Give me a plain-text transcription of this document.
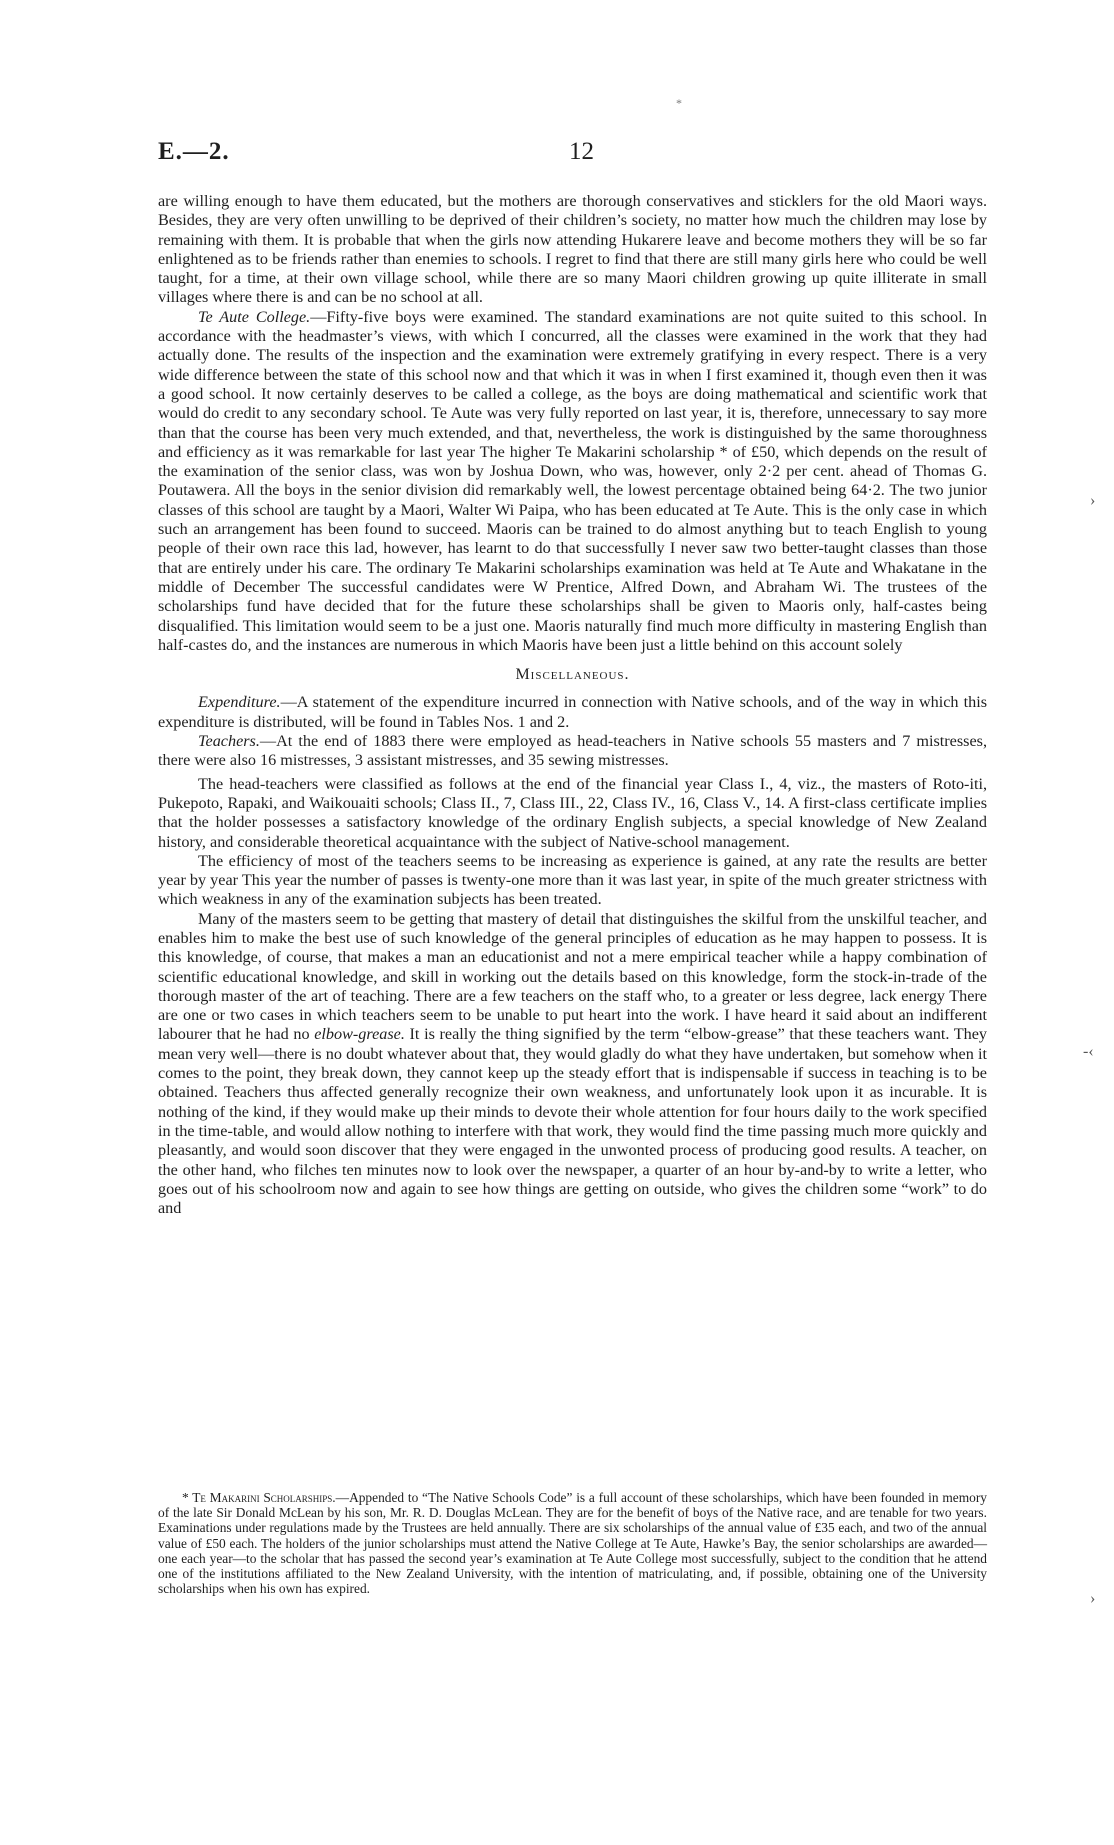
*
E.—2.	12

are willing enough to have them educated, but the mothers are thorough conservatives and sticklers for the old Maori ways. Besides, they are very often unwilling to be deprived of their children’s society, no matter how much the children may lose by remaining with them. It is probable that when the girls now attending Hukarere leave and become mothers they will be so far enlightened as to be friends rather than enemies to schools. I regret to find that there are still many girls here who could be well taught, for a time, at their own village school, while there are so many Maori children growing up quite illiterate in small villages where there is and can be no school at all.

Te Aute College.—Fifty-five boys were examined. The standard examinations are not quite suited to this school. In accordance with the headmaster’s views, with which I concurred, all the classes were examined in the work that they had actually done. The results of the inspection and the examination were extremely gratifying in every respect. There is a very wide difference between the state of this school now and that which it was in when I first examined it, though even then it was a good school. It now certainly deserves to be called a college, as the boys are doing mathematical and scientific work that would do credit to any secondary school. Te Aute was very fully reported on last year, it is, therefore, unnecessary to say more than that the course has been very much extended, and that, nevertheless, the work is distinguished by the same thoroughness and efficiency as it was remarkable for last year The higher Te Makarini scholarship * of £50, which depends on the result of the examination of the senior class, was won by Joshua Down, who was, however, only 2·2 per cent. ahead of Thomas G. Poutawera. All the boys in the senior division did remarkably well, the lowest percentage obtained being 64·2. The two junior classes of this school are taught by a Maori, Walter Wi Paipa, who has been educated at Te Aute. This is the only case in which such an arrangement has been found to succeed. Maoris can be trained to do almost anything but to teach English to young people of their own race this lad, however, has learnt to do that successfully I never saw two better-taught classes than those that are entirely under his care. The ordinary Te Makarini scholarships examination was held at Te Aute and Whakatane in the middle of December The successful candidates were W Prentice, Alfred Down, and Abraham Wi. The trustees of the scholarships fund have decided that for the future these scholarships shall be given to Maoris only, half-castes being disqualified. This limitation would seem to be a just one. Maoris naturally find much more difficulty in mastering English than half-castes do, and the instances are numerous in which Maoris have been just a little behind on this account solely

Miscellaneous.

Expenditure.—A statement of the expenditure incurred in connection with Native schools, and of the way in which this expenditure is distributed, will be found in Tables Nos. 1 and 2.

Teachers.—At the end of 1883 there were employed as head-teachers in Native schools 55 masters and 7 mistresses, there were also 16 mistresses, 3 assistant mistresses, and 35 sewing mistresses.

The head-teachers were classified as follows at the end of the financial year Class I., 4, viz., the masters of Roto-iti, Pukepoto, Rapaki, and Waikouaiti schools; Class II., 7, Class III., 22, Class IV., 16, Class V., 14. A first-class certificate implies that the holder possesses a satisfactory knowledge of the ordinary English subjects, a special knowledge of New Zealand history, and considerable theoretical acquaintance with the subject of Native-school management.

The efficiency of most of the teachers seems to be increasing as experience is gained, at any rate the results are better year by year This year the number of passes is twenty-one more than it was last year, in spite of the much greater strictness with which weakness in any of the examination subjects has been treated.

Many of the masters seem to be getting that mastery of detail that distinguishes the skilful from the unskilful teacher, and enables him to make the best use of such knowledge of the general principles of education as he may happen to possess. It is this knowledge, of course, that makes a man an educationist and not a mere empirical teacher while a happy combination of scientific educational knowledge, and skill in working out the details based on this knowledge, form the stock-in-trade of the thorough master of the art of teaching. There are a few teachers on the staff who, to a greater or less degree, lack energy There are one or two cases in which teachers seem to be unable to put heart into the work. I have heard it said about an indifferent labourer that he had no elbow-grease. It is really the thing signified by the term “elbow-grease” that these teachers want. They mean very well—there is no doubt whatever about that, they would gladly do what they have undertaken, but somehow when it comes to the point, they break down, they cannot keep up the steady effort that is indispensable if success in teaching is to be obtained. Teachers thus affected generally recognize their own weakness, and unfortunately look upon it as incurable. It is nothing of the kind, if they would make up their minds to devote their whole attention for four hours daily to the work specified in the time-table, and would allow nothing to interfere with that work, they would find the time passing much more quickly and pleasantly, and would soon discover that they were engaged in the unwonted process of producing good results. A teacher, on the other hand, who filches ten minutes now to look over the newspaper, a quarter of an hour by-and-by to write a letter, who goes out of his schoolroom now and again to see how things are getting on outside, who gives the children some “work” to do and

* Te Makarini Scholarships.—Appended to “The Native Schools Code” is a full account of these scholarships, which have been founded in memory of the late Sir Donald McLean by his son, Mr. R. D. Douglas McLean. They are for the benefit of boys of the Native race, and are tenable for two years. Examinations under regulations made by the Trustees are held annually. There are six scholarships of the annual value of £35 each, and two of the annual value of £50 each. The holders of the junior scholarships must attend the Native College at Te Aute, Hawke’s Bay, the senior scholarships are awarded—one each year—to the scholar that has passed the second year’s examination at Te Aute College most successfully, subject to the condition that he attend one of the institutions affiliated to the New Zealand University, with the intention of matriculating, and, if possible, obtaining one of the University scholarships when his own has expired.

⁠›
-‹
›
